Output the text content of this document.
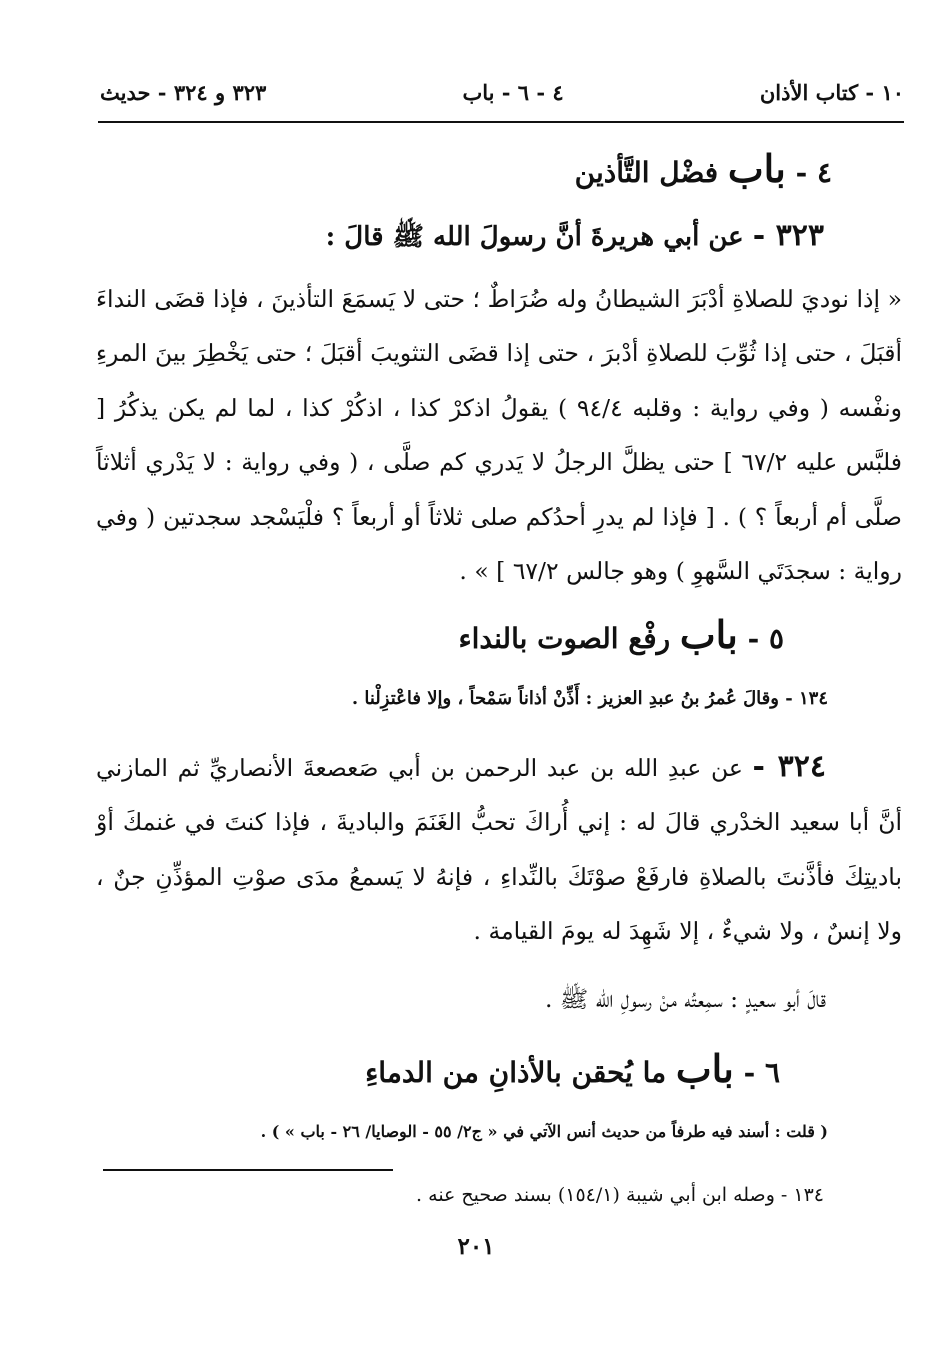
١٠ - كتاب الأذان
٤ - ٦ - باب
٣٢٣ و ٣٢٤ - حديث
٤ - باب فضْل التَّأذين
٣٢٣ - عن أبي هريرةَ أنَّ رسولَ الله ﷺ قالَ :
« إذا نوديَ للصلاةِ أدْبَرَ الشيطانُ وله ضُرَاطٌ ؛ حتى لا يَسمَعَ التأذينَ ، فإذا قضَى النداءَ أقبَلَ ، حتى إذا ثُوِّبَ للصلاةِ أدْبرَ ، حتى إذا قضَى التثويبَ أقبَلَ ؛ حتى يَخْطِرَ بينَ المرءِ ونفْسه ( وفي رواية : وقلبه ٩٤/٤ ) يقولُ اذكرْ كذا ، اذكُرْ كذا ، لما لم يكن يذكُرُ [ فلبَّس عليه ٦٧/٢ ] حتى يظلَّ الرجلُ لا يَدري كم صلَّى ، ( وفي رواية : لا يَدْري أثلاثاً صلَّى أم أربعاً ؟ ) . [ فإذا لم يدرِ أحدُكم صلى ثلاثاً أو أربعاً ؟ فلْيَسْجد سجدتين ( وفي رواية : سجدَتَي السَّهوِ ) وهو جالس ٦٧/٢ ] » .
٥ - باب رفْع الصوت بالنداء
١٣٤ - وقالَ عُمرُ بنُ عبدِ العزيز : أَذِّنْ أذاناً سَمْحاً ، وإلا فاعْتزِلْنا .
٣٢٤ - عن عبدِ الله بن عبد الرحمن بن أبي صَعصعةَ الأنصاريِّ ثم المازني أنَّ أبا سعيد الخدْري قالَ له : إني أُراكَ تحبُّ الغَنَمَ والباديةَ ، فإذا كنتَ في غنمكَ أوْ باديتِكَ فأذَّنتَ بالصلاةِ فارفَعْ صوْتَكَ بالنِّداءِ ، فإنهُ لا يَسمعُ مدَى صوْتِ المؤذِّنِ جنٌ ، ولا إنسٌ ، ولا شيءٌ ، إلا شَهِدَ له يومَ القيامة .
قالَ أبو سعيدٍ : سمِعتُه منْ رسولِ الله ﷺ .
٦ - باب ما يُحقن بالأذانِ من الدماءِ
( قلت : أسند فيه طرفاً من حديث أنس الآتي في « ج٢/ ٥٥ - الوصايا/ ٢٦ - باب » ) .
١٣٤ - وصله ابن أبي شيبة (١٥٤/١) بسند صحيح عنه .
٢٠١
